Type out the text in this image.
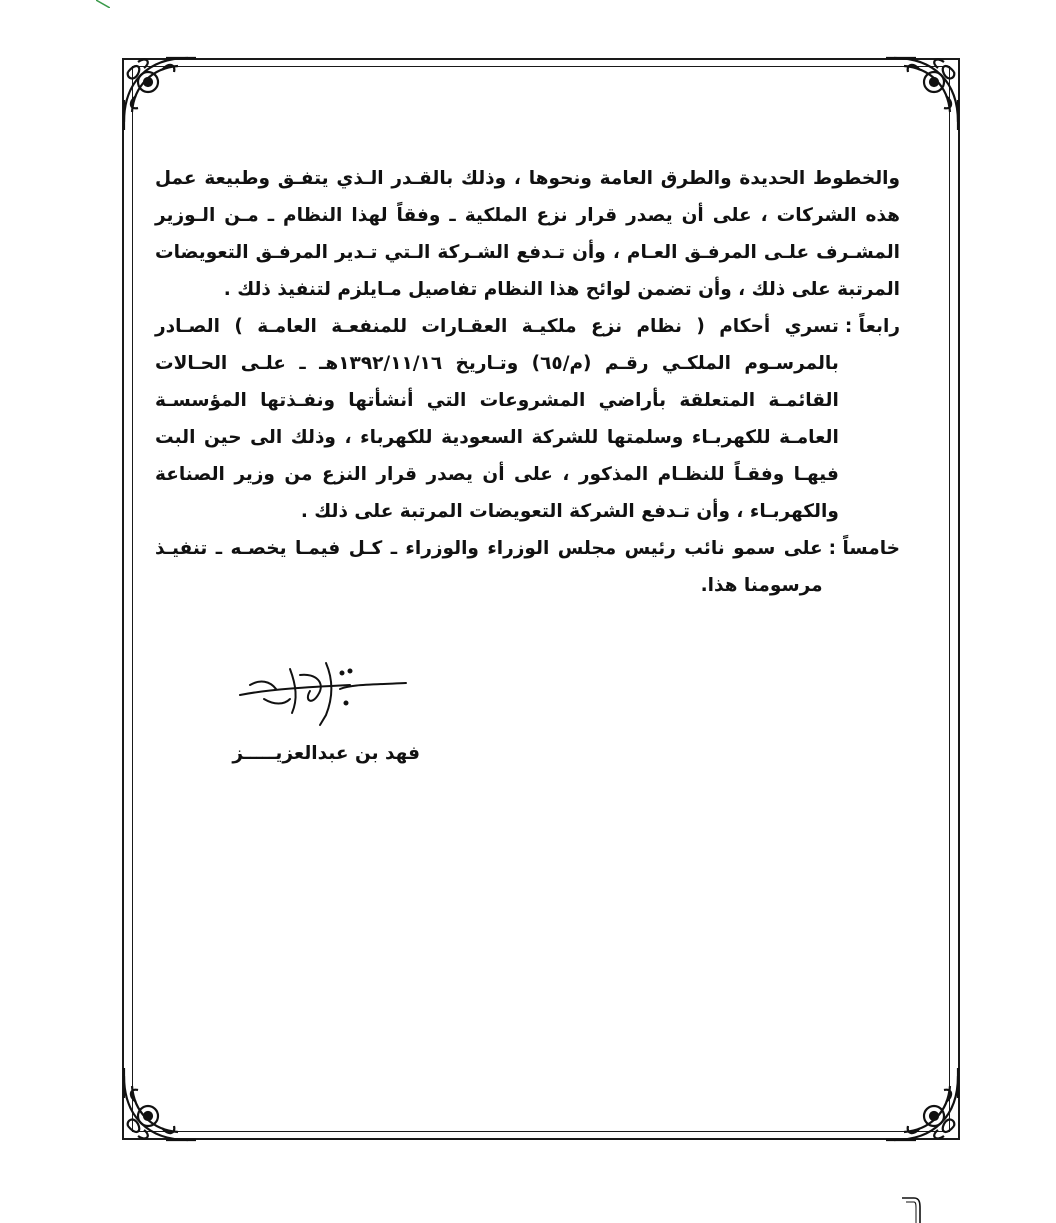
والخطوط الحديدة والطرق العامة ونحوها ، وذلك بالقـدر الـذي يتفـق وطبيعة عمل هذه الشركات ، على أن يصدر قرار نزع الملكية ـ وفقاً لهذا النظام ـ مـن الـوزير المشـرف علـى المرفـق العـام ، وأن تـدفع الشـركة الـتي تـدير المرفـق التعويضات المرتبة على ذلك ، وأن تضمن لوائح هذا النظام تفاصيل مـايلزم لتنفيذ ذلك .

رابعاً :
تسري أحكام ( نظام نزع ملكيـة العقـارات للمنفعـة العامـة ) الصـادر بالمرسـوم الملكـي رقـم (م/٦٥) وتـاريخ ١٣٩٢/١١/١٦هـ ـ علـى الحـالات القائمـة المتعلقة بأراضي المشروعات التي أنشأتها ونفـذتها المؤسسـة العامـة للكهربـاء وسلمتها للشركة السعودية للكهرباء ، وذلك الى حين البت فيهـا وفقـاً للنظـام المذكور ، على أن يصدر قرار النزع من وزير الصناعة والكهربـاء ، وأن تـدفع الشركة التعويضات المرتبة على ذلك .
خامساً :
على سمو نائب رئيس مجلس الوزراء والوزراء ـ كـل فيمـا يخصـه ـ تنفيـذ مرسومنا هذا.
فهد بن عبدالعزيـــــز
